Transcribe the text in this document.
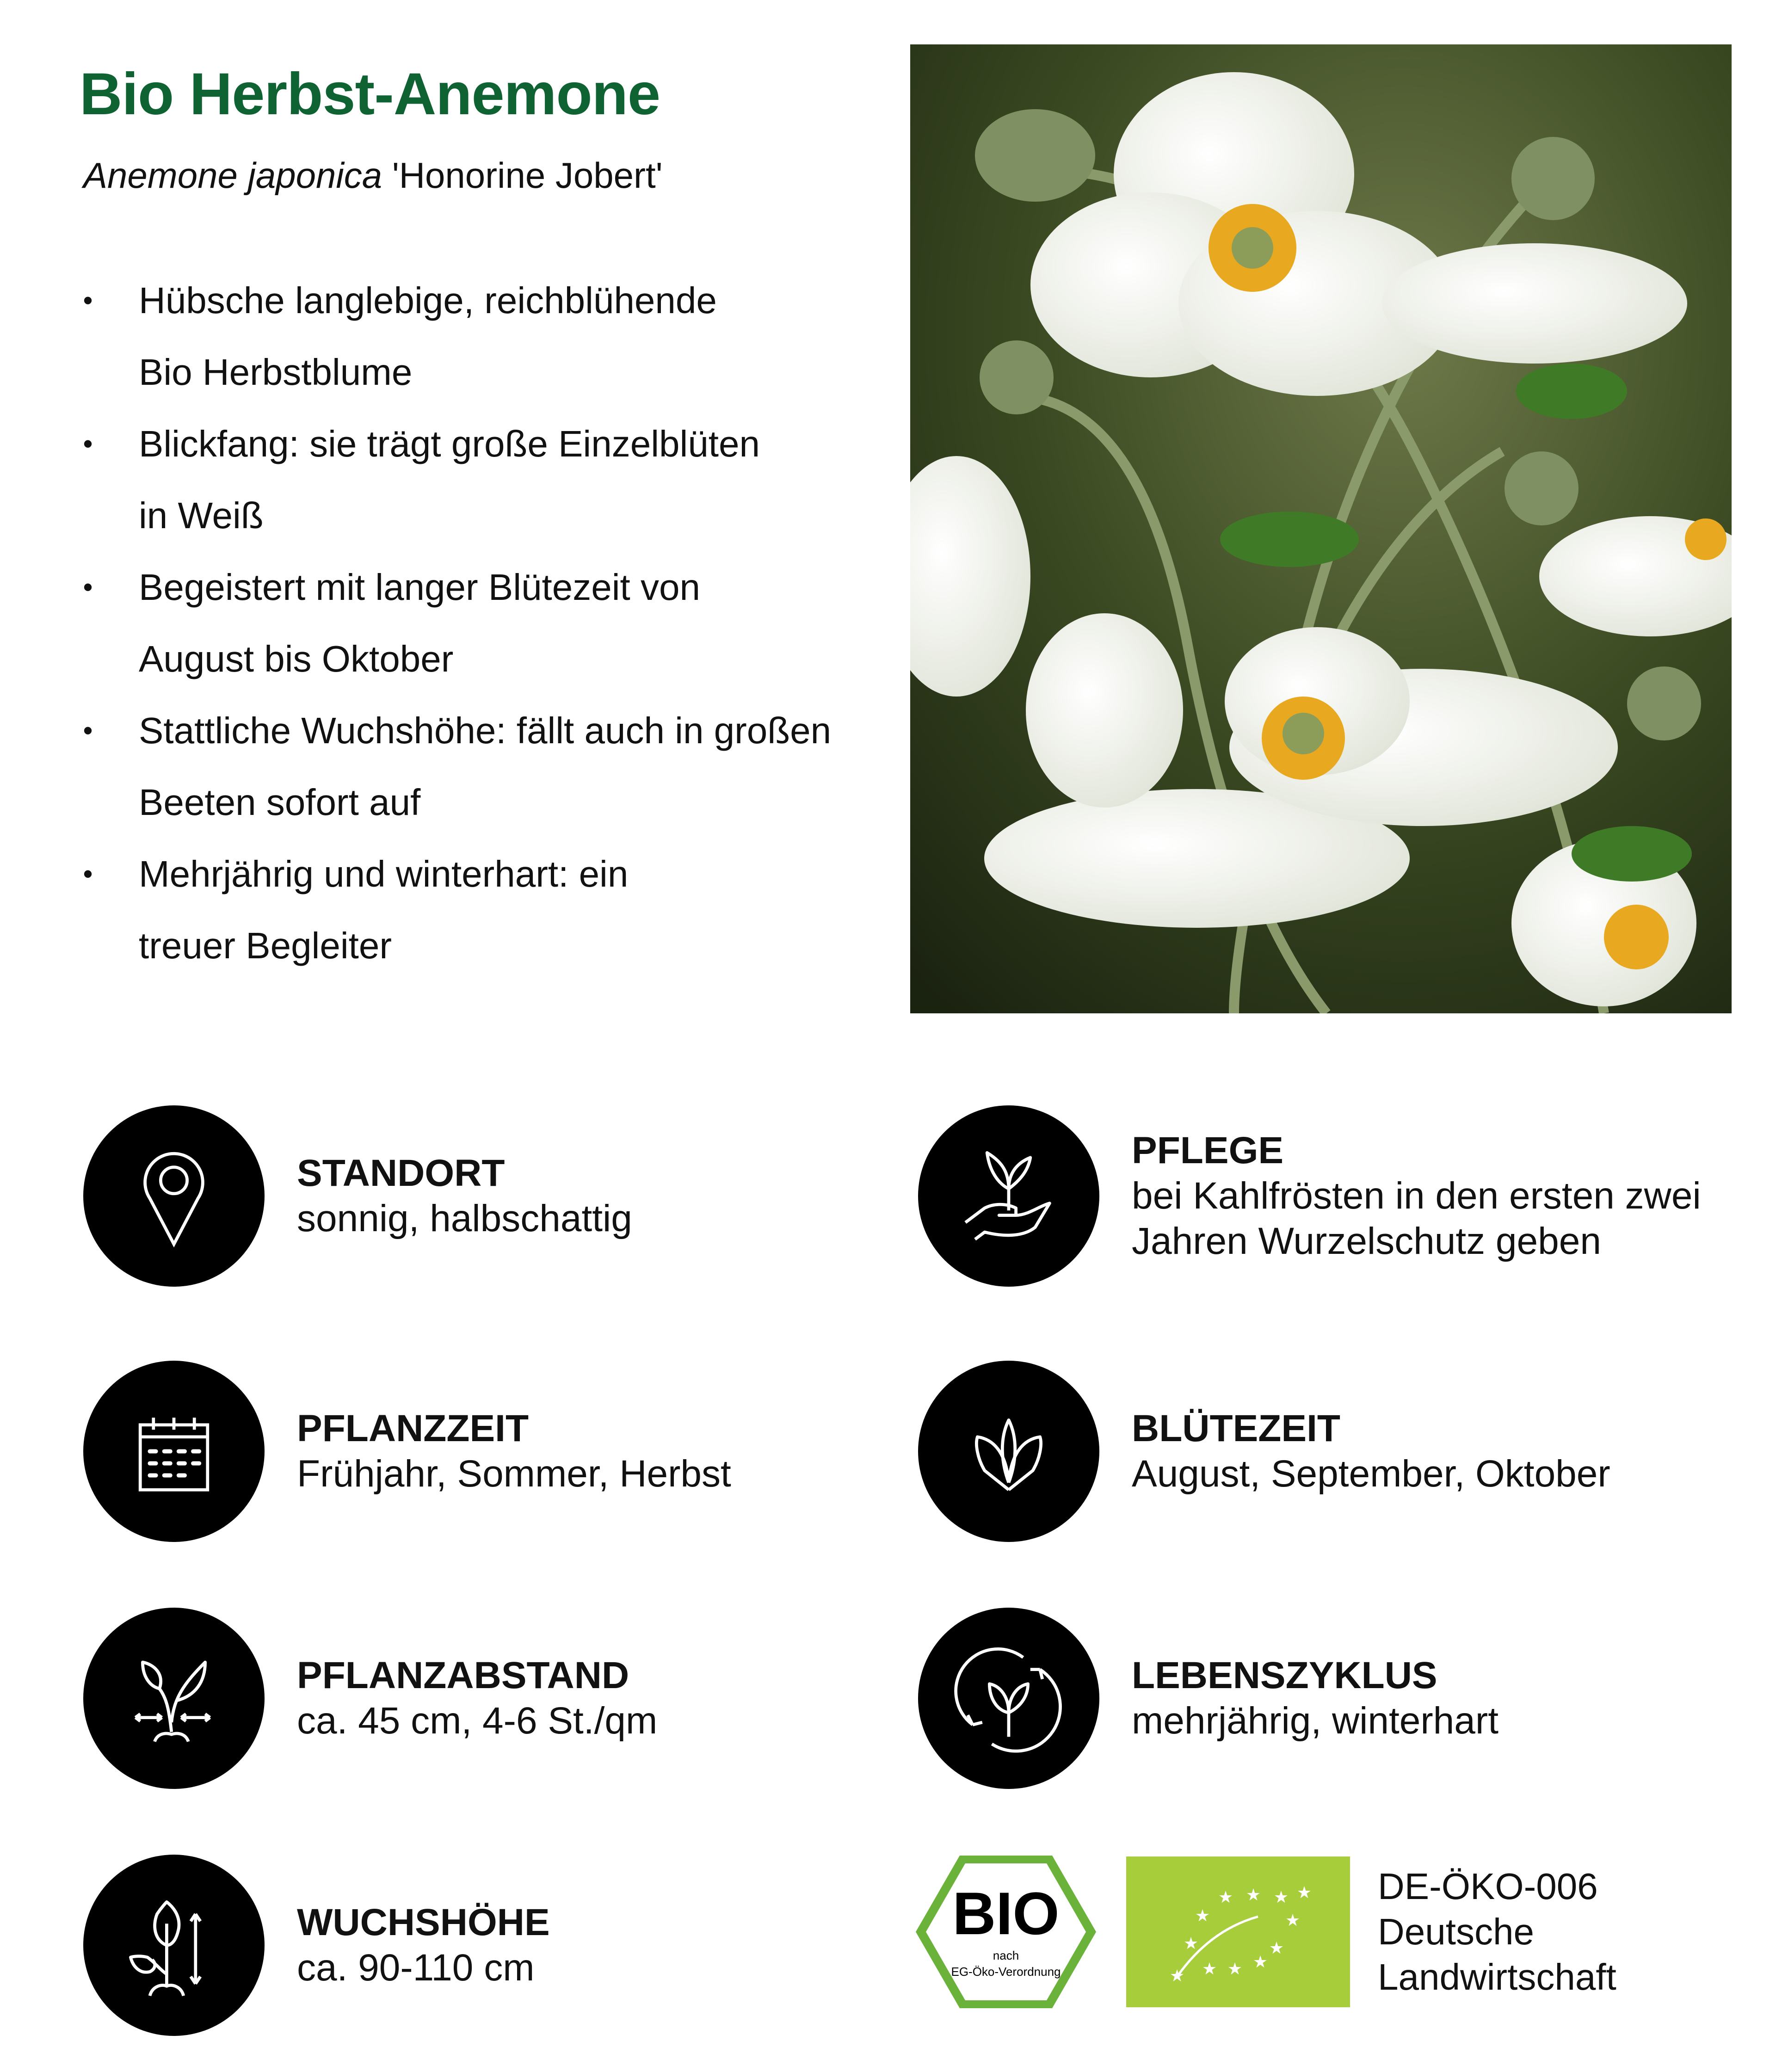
Bio Herbst-Anemone
Anemone japonica 'Honorine Jobert'
• Hübsche langlebige, reichblühende
Bio Herbstblume
• Blickfang: sie trägt große Einzelblüten
in Weiß
• Begeistert mit langer Blütezeit von
August bis Oktober
• Stattliche Wuchshöhe: fällt auch in großen
Beeten sofort auf
• Mehrjährig und winterhart: ein
treuer Begleiter
STANDORT
sonnig, halbschattig
PFLEGE
bei Kahlfrösten in den ersten zwei
Jahren Wurzelschutz geben
PFLANZZEIT
Frühjahr, Sommer, Herbst
BLÜTEZEIT
August, September, Oktober
PFLANZABSTAND
ca. 45 cm, 4-6 St./qm
LEBENSZYKLUS
mehrjährig, winterhart
WUCHSHÖHE
ca. 90-110 cm
BIO
nach
EG-Öko-Verordnung
★ ★ ★ ★
★	★
★	★
★ ★ ★
★
DE-ÖKO-006
Deutsche
Landwirtschaft
